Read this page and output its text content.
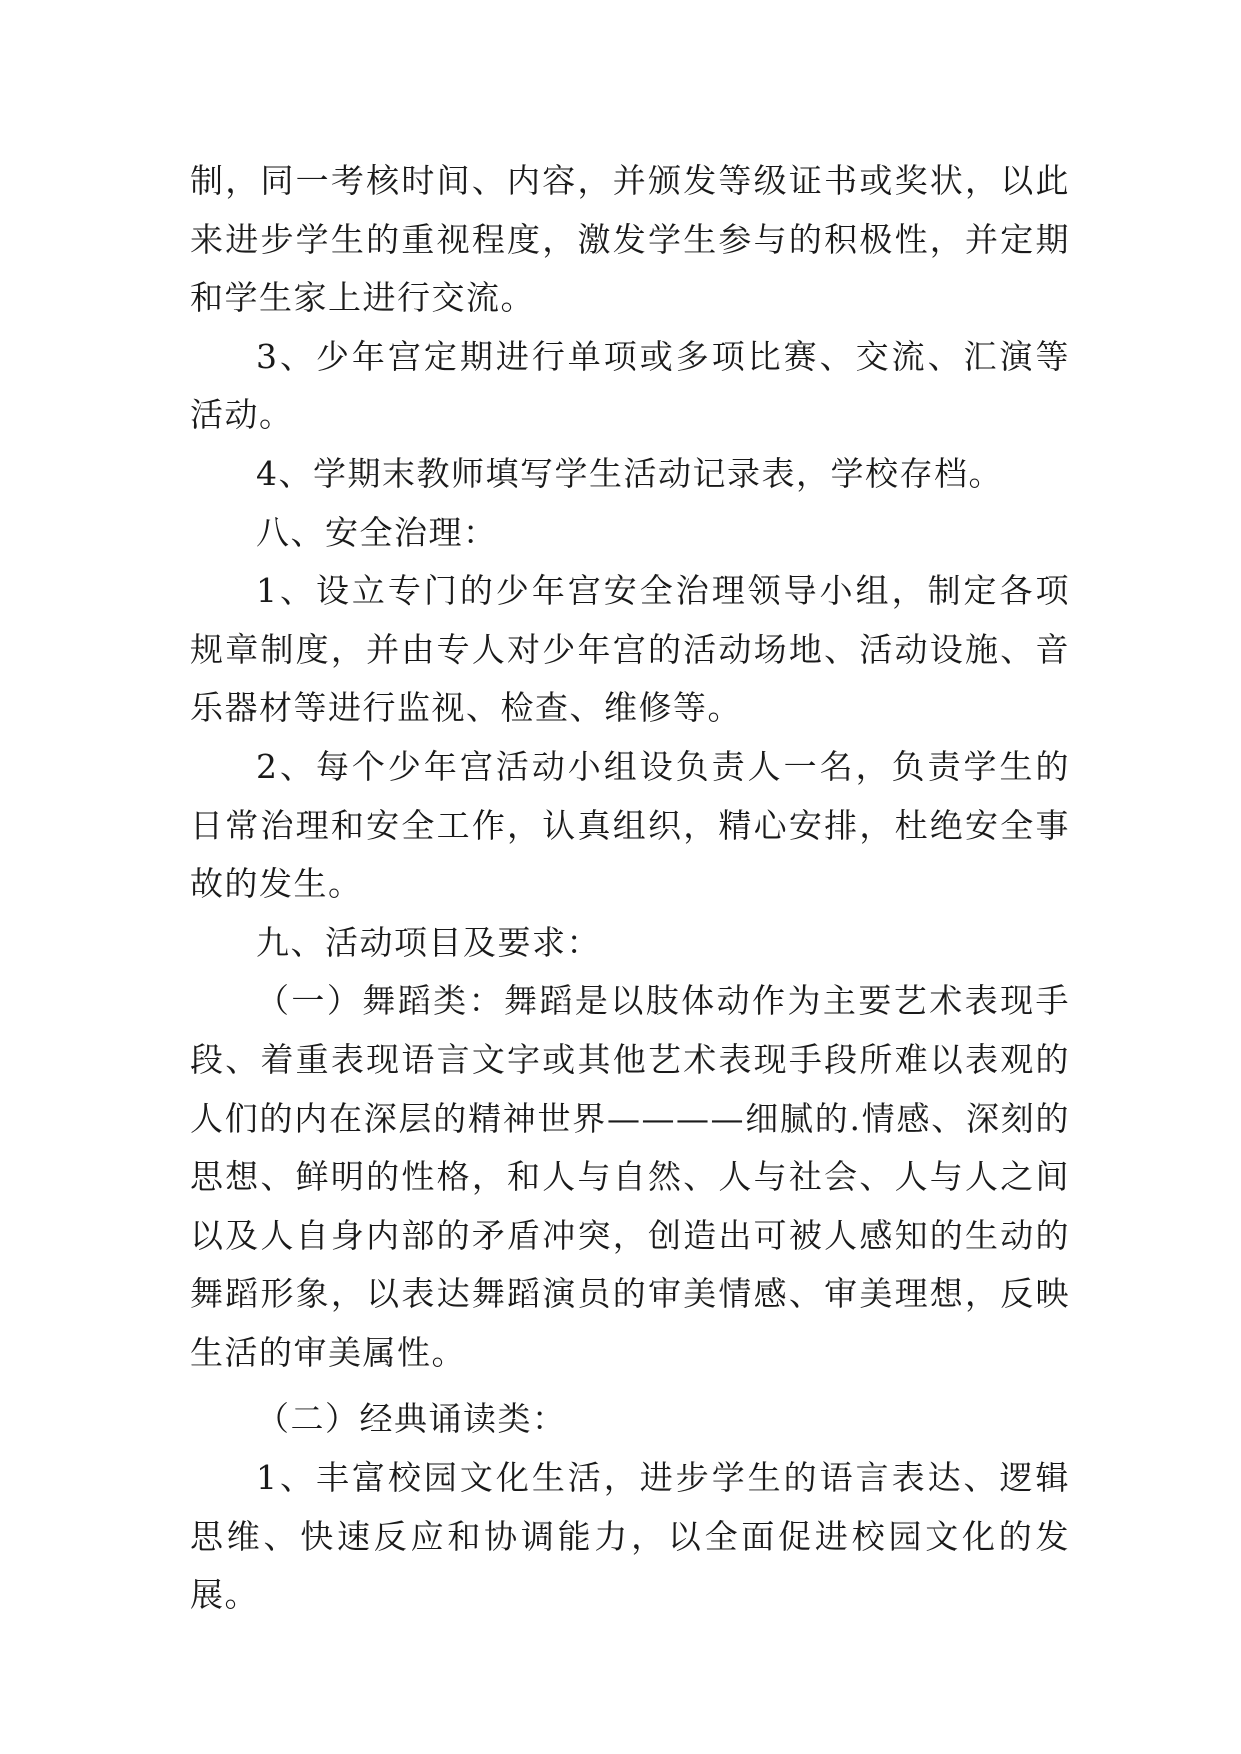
制，同一考核时间、内容，并颁发等级证书或奖状，以此来进步学生的重视程度，激发学生参与的积极性，并定期和学生家上进行交流。

3、少年宫定期进行单项或多项比赛、交流、汇演等活动。

4、学期末教师填写学生活动记录表，学校存档。

八、安全治理：

1、设立专门的少年宫安全治理领导小组，制定各项规章制度，并由专人对少年宫的活动场地、活动设施、音乐器材等进行监视、检查、维修等。

2、每个少年宫活动小组设负责人一名，负责学生的日常治理和安全工作，认真组织，精心安排，杜绝安全事故的发生。

九、活动项目及要求：

（一）舞蹈类：舞蹈是以肢体动作为主要艺术表现手段、着重表现语言文字或其他艺术表现手段所难以表观的人们的内在深层的精神世界————细腻的.情感、深刻的思想、鲜明的性格，和人与自然、人与社会、人与人之间以及人自身内部的矛盾冲突，创造出可被人感知的生动的舞蹈形象，以表达舞蹈演员的审美情感、审美理想，反映生活的审美属性。

（二）经典诵读类：

1、丰富校园文化生活，进步学生的语言表达、逻辑思维、快速反应和协调能力，以全面促进校园文化的发展。
